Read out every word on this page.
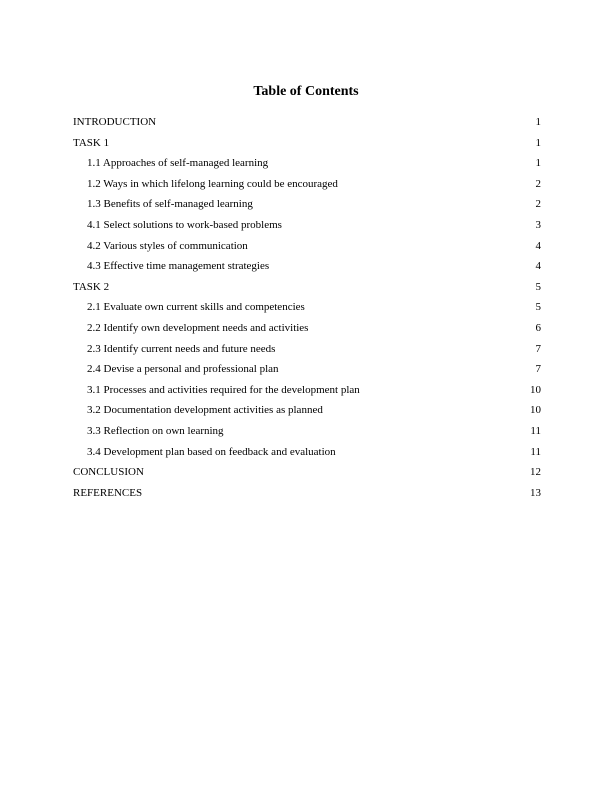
Table of Contents
INTRODUCTION	1
TASK 1	1
1.1 Approaches of self-managed learning	1
1.2 Ways in which lifelong learning could be encouraged	2
1.3 Benefits of self-managed learning	2
4.1 Select solutions to work-based problems	3
4.2 Various styles of communication	4
4.3 Effective time management strategies	4
TASK 2	5
2.1 Evaluate own current skills and competencies	5
2.2 Identify own development needs and activities	6
2.3 Identify current needs and future needs	7
2.4 Devise a personal and professional plan	7
3.1 Processes and activities required for the development plan	10
3.2 Documentation development activities as planned	10
3.3 Reflection on own learning	11
3.4 Development plan based on feedback and evaluation	11
CONCLUSION	12
REFERENCES	13
